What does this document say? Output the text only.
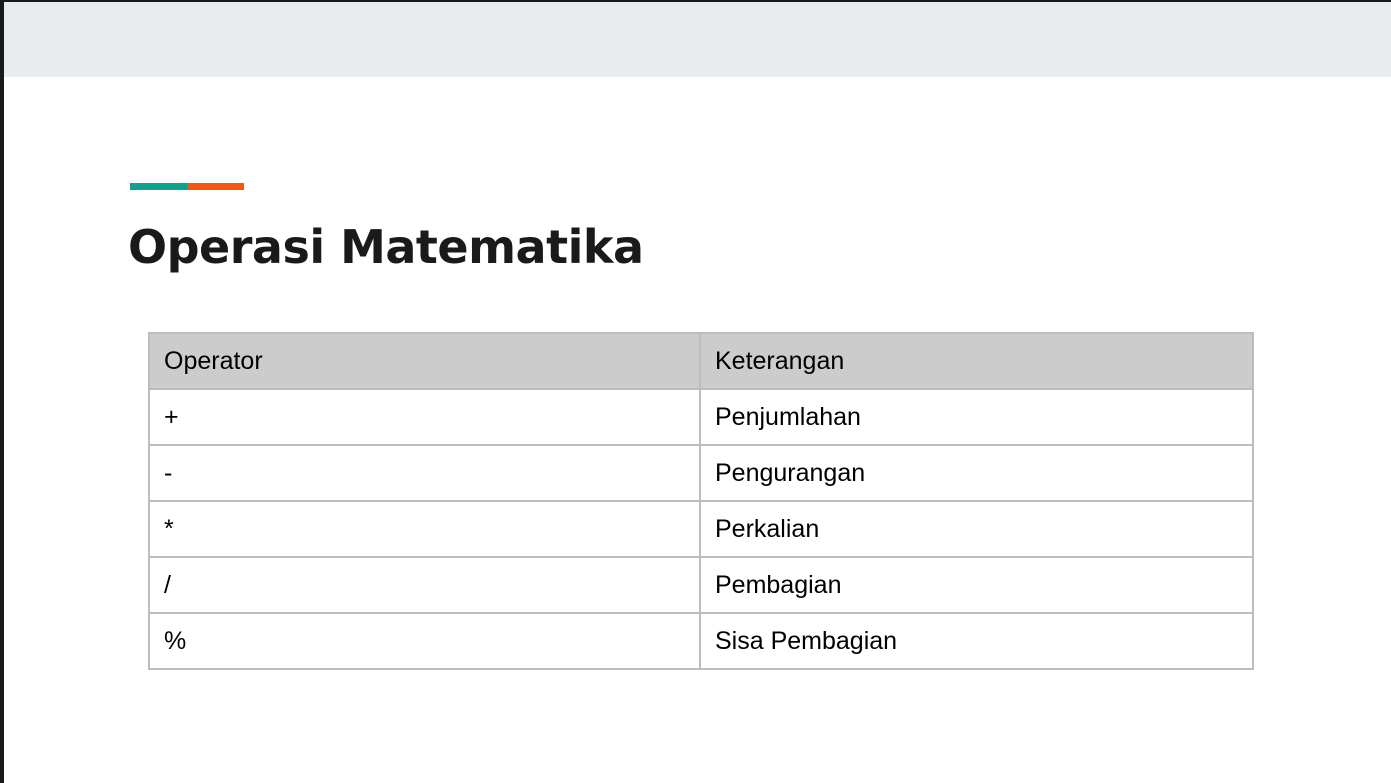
Operasi Matematika
Operator	Keterangan
+	Penjumlahan
-	Pengurangan
*	Perkalian
/	Pembagian
%	Sisa Pembagian
